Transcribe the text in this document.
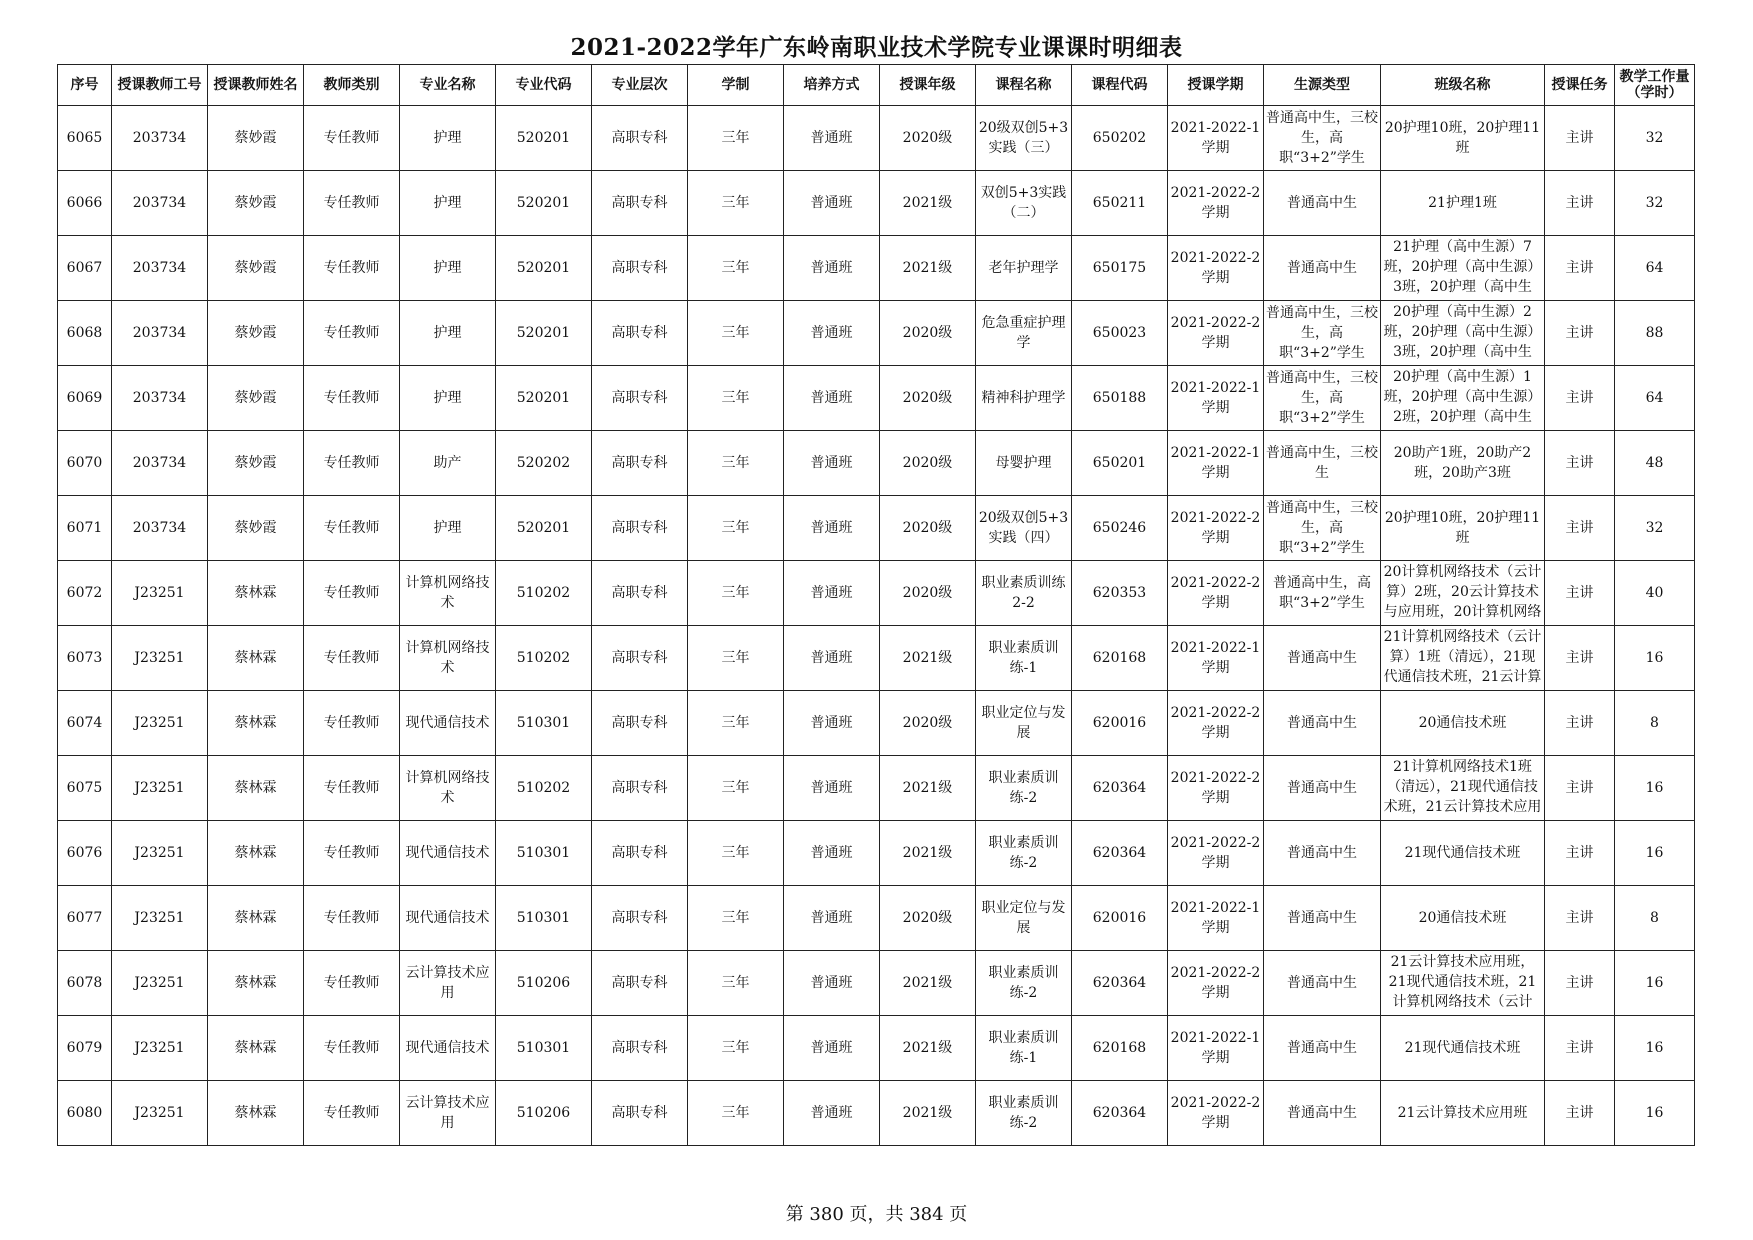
2021-2022学年广东岭南职业技术学院专业课课时明细表
序号	授课教师工号	授课教师姓名	教师类别	专业名称	专业代码	专业层次	学制	培养方式	授课年级	课程名称	课程代码	授课学期	生源类型	班级名称	授课任务	教学工作量（学时）

6065	203734	蔡妙霞	专任教师	护理	520201	高职专科	三年	普通班	2020级	20级双创5+3实践（三）	650202	2021-2022-1学期	普通高中生，三校生，高职“3+2”学生	20护理10班，20护理11班	主讲	32

6066	203734	蔡妙霞	专任教师	护理	520201	高职专科	三年	普通班	2021级	双创5+3实践（二）	650211	2021-2022-2学期	普通高中生	21护理1班	主讲	32

6067	203734	蔡妙霞	专任教师	护理	520201	高职专科	三年	普通班	2021级	老年护理学	650175	2021-2022-2学期	普通高中生	21护理（高中生源）7班，20护理（高中生源）3班，20护理（高中生	主讲	64

6068	203734	蔡妙霞	专任教师	护理	520201	高职专科	三年	普通班	2020级	危急重症护理学	650023	2021-2022-2学期	普通高中生，三校生，高职“3+2”学生	20护理（高中生源）2班，20护理（高中生源）3班，20护理（高中生	主讲	88

6069	203734	蔡妙霞	专任教师	护理	520201	高职专科	三年	普通班	2020级	精神科护理学	650188	2021-2022-1学期	普通高中生，三校生，高职“3+2”学生	20护理（高中生源）1班，20护理（高中生源）2班，20护理（高中生	主讲	64

6070	203734	蔡妙霞	专任教师	助产	520202	高职专科	三年	普通班	2020级	母婴护理	650201	2021-2022-1学期	普通高中生，三校生	20助产1班，20助产2班，20助产3班	主讲	48

6071	203734	蔡妙霞	专任教师	护理	520201	高职专科	三年	普通班	2020级	20级双创5+3实践（四）	650246	2021-2022-2学期	普通高中生，三校生，高职“3+2”学生	20护理10班，20护理11班	主讲	32

6072	J23251	蔡林霖	专任教师	计算机网络技术	510202	高职专科	三年	普通班	2020级	职业素质训练2-2	620353	2021-2022-2学期	普通高中生，高职“3+2”学生	20计算机网络技术（云计算）2班，20云计算技术与应用班，20计算机网络	主讲	40

6073	J23251	蔡林霖	专任教师	计算机网络技术	510202	高职专科	三年	普通班	2021级	职业素质训练-1	620168	2021-2022-1学期	普通高中生	21计算机网络技术（云计算）1班（清远），21现代通信技术班，21云计算	主讲	16

6074	J23251	蔡林霖	专任教师	现代通信技术	510301	高职专科	三年	普通班	2020级	职业定位与发展	620016	2021-2022-2学期	普通高中生	20通信技术班	主讲	8

6075	J23251	蔡林霖	专任教师	计算机网络技术	510202	高职专科	三年	普通班	2021级	职业素质训练-2	620364	2021-2022-2学期	普通高中生	21计算机网络技术1班（清远），21现代通信技术班，21云计算技术应用	主讲	16

6076	J23251	蔡林霖	专任教师	现代通信技术	510301	高职专科	三年	普通班	2021级	职业素质训练-2	620364	2021-2022-2学期	普通高中生	21现代通信技术班	主讲	16

6077	J23251	蔡林霖	专任教师	现代通信技术	510301	高职专科	三年	普通班	2020级	职业定位与发展	620016	2021-2022-1学期	普通高中生	20通信技术班	主讲	8

6078	J23251	蔡林霖	专任教师	云计算技术应用	510206	高职专科	三年	普通班	2021级	职业素质训练-2	620364	2021-2022-2学期	普通高中生	21云计算技术应用班，21现代通信技术班，21计算机网络技术（云计	主讲	16

6079	J23251	蔡林霖	专任教师	现代通信技术	510301	高职专科	三年	普通班	2021级	职业素质训练-1	620168	2021-2022-1学期	普通高中生	21现代通信技术班	主讲	16

6080	J23251	蔡林霖	专任教师	云计算技术应用	510206	高职专科	三年	普通班	2021级	职业素质训练-2	620364	2021-2022-2学期	普通高中生	21云计算技术应用班	主讲	16
第 380 页，共 384 页
